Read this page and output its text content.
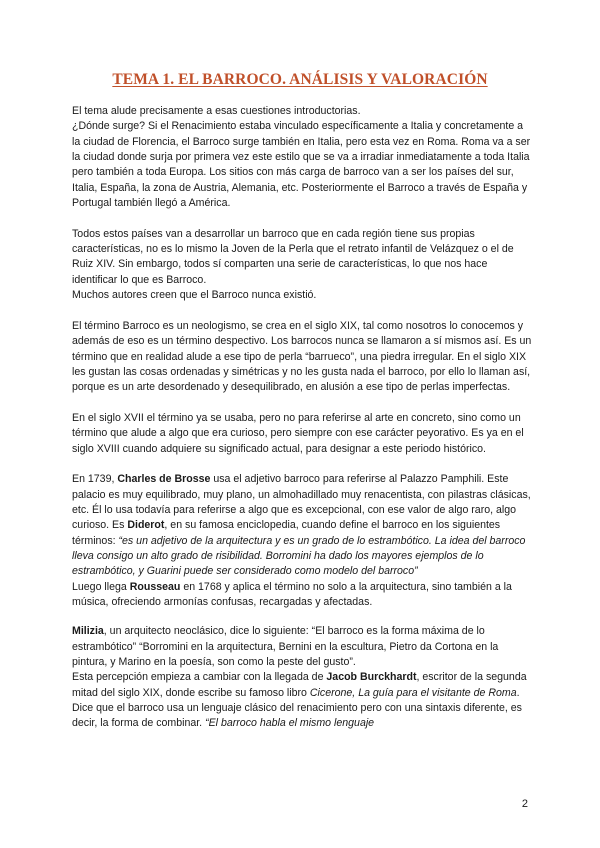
TEMA 1. EL BARROCO. ANÁLISIS Y VALORACIÓN

El tema alude precisamente a esas cuestiones introductorias.

¿Dónde surge? Si el Renacimiento estaba vinculado específicamente a Italia y concretamente a la ciudad de Florencia, el Barroco surge también en Italia, pero esta vez en Roma. Roma va a ser la ciudad donde surja por primera vez este estilo que se va a irradiar inmediatamente a toda Italia pero también a toda Europa. Los sitios con más carga de barroco van a ser los países del sur, Italia, España, la zona de Austria, Alemania, etc. Posteriormente el Barroco a través de España y Portugal también llegó a América.

Todos estos países van a desarrollar un barroco que en cada región tiene sus propias características, no es lo mismo la Joven de la Perla que el retrato infantil de Velázquez o el de Ruiz XIV. Sin embargo, todos sí comparten una serie de características, lo que nos hace identificar lo que es Barroco.

Muchos autores creen que el Barroco nunca existió.

El término Barroco es un neologismo, se crea en el siglo XIX, tal como nosotros lo conocemos y además de eso es un término despectivo. Los barrocos nunca se llamaron a sí mismos así. Es un término que en realidad alude a ese tipo de perla “barrueco”, una piedra irregular. En el siglo XIX les gustan las cosas ordenadas y simétricas y no les gusta nada el barroco, por ello lo llaman así, porque es un arte desordenado y desequilibrado, en alusión a ese tipo de perlas imperfectas.

En el siglo XVII el término ya se usaba, pero no para referirse al arte en concreto, sino como un término que alude a algo que era curioso, pero siempre con ese carácter peyorativo. Es ya en el siglo XVIII cuando adquiere su significado actual, para designar a este periodo histórico.

En 1739, Charles de Brosse usa el adjetivo barroco para referirse al Palazzo Pamphili. Este palacio es muy equilibrado, muy plano, un almohadillado muy renacentista, con pilastras clásicas, etc. Él lo usa todavía para referirse a algo que es excepcional, con ese valor de algo raro, algo curioso. Es Diderot, en su famosa enciclopedia, cuando define el barroco en los siguientes términos: “es un adjetivo de la arquitectura y es un grado de lo estrambótico. La idea del barroco lleva consigo un alto grado de risibilidad. Borromini ha dado los mayores ejemplos de lo estrambótico, y Guarini puede ser considerado como modelo del barroco”

Luego llega Rousseau en 1768 y aplica el término no solo a la arquitectura, sino también a la música, ofreciendo armonías confusas, recargadas y afectadas.

Milizia, un arquitecto neoclásico, dice lo siguiente: “El barroco es la forma máxima de lo estrambótico” “Borromini en la arquitectura, Bernini en la escultura, Pietro da Cortona en la pintura, y Marino en la poesía, son como la peste del gusto”.

Esta percepción empieza a cambiar con la llegada de Jacob Burckhardt, escritor de la segunda mitad del siglo XIX, donde escribe su famoso libro Cicerone, La guía para el visitante de Roma. Dice que el barroco usa un lenguaje clásico del renacimiento pero con una sintaxis diferente, es decir, la forma de combinar. “El barroco habla el mismo lenguaje

2
